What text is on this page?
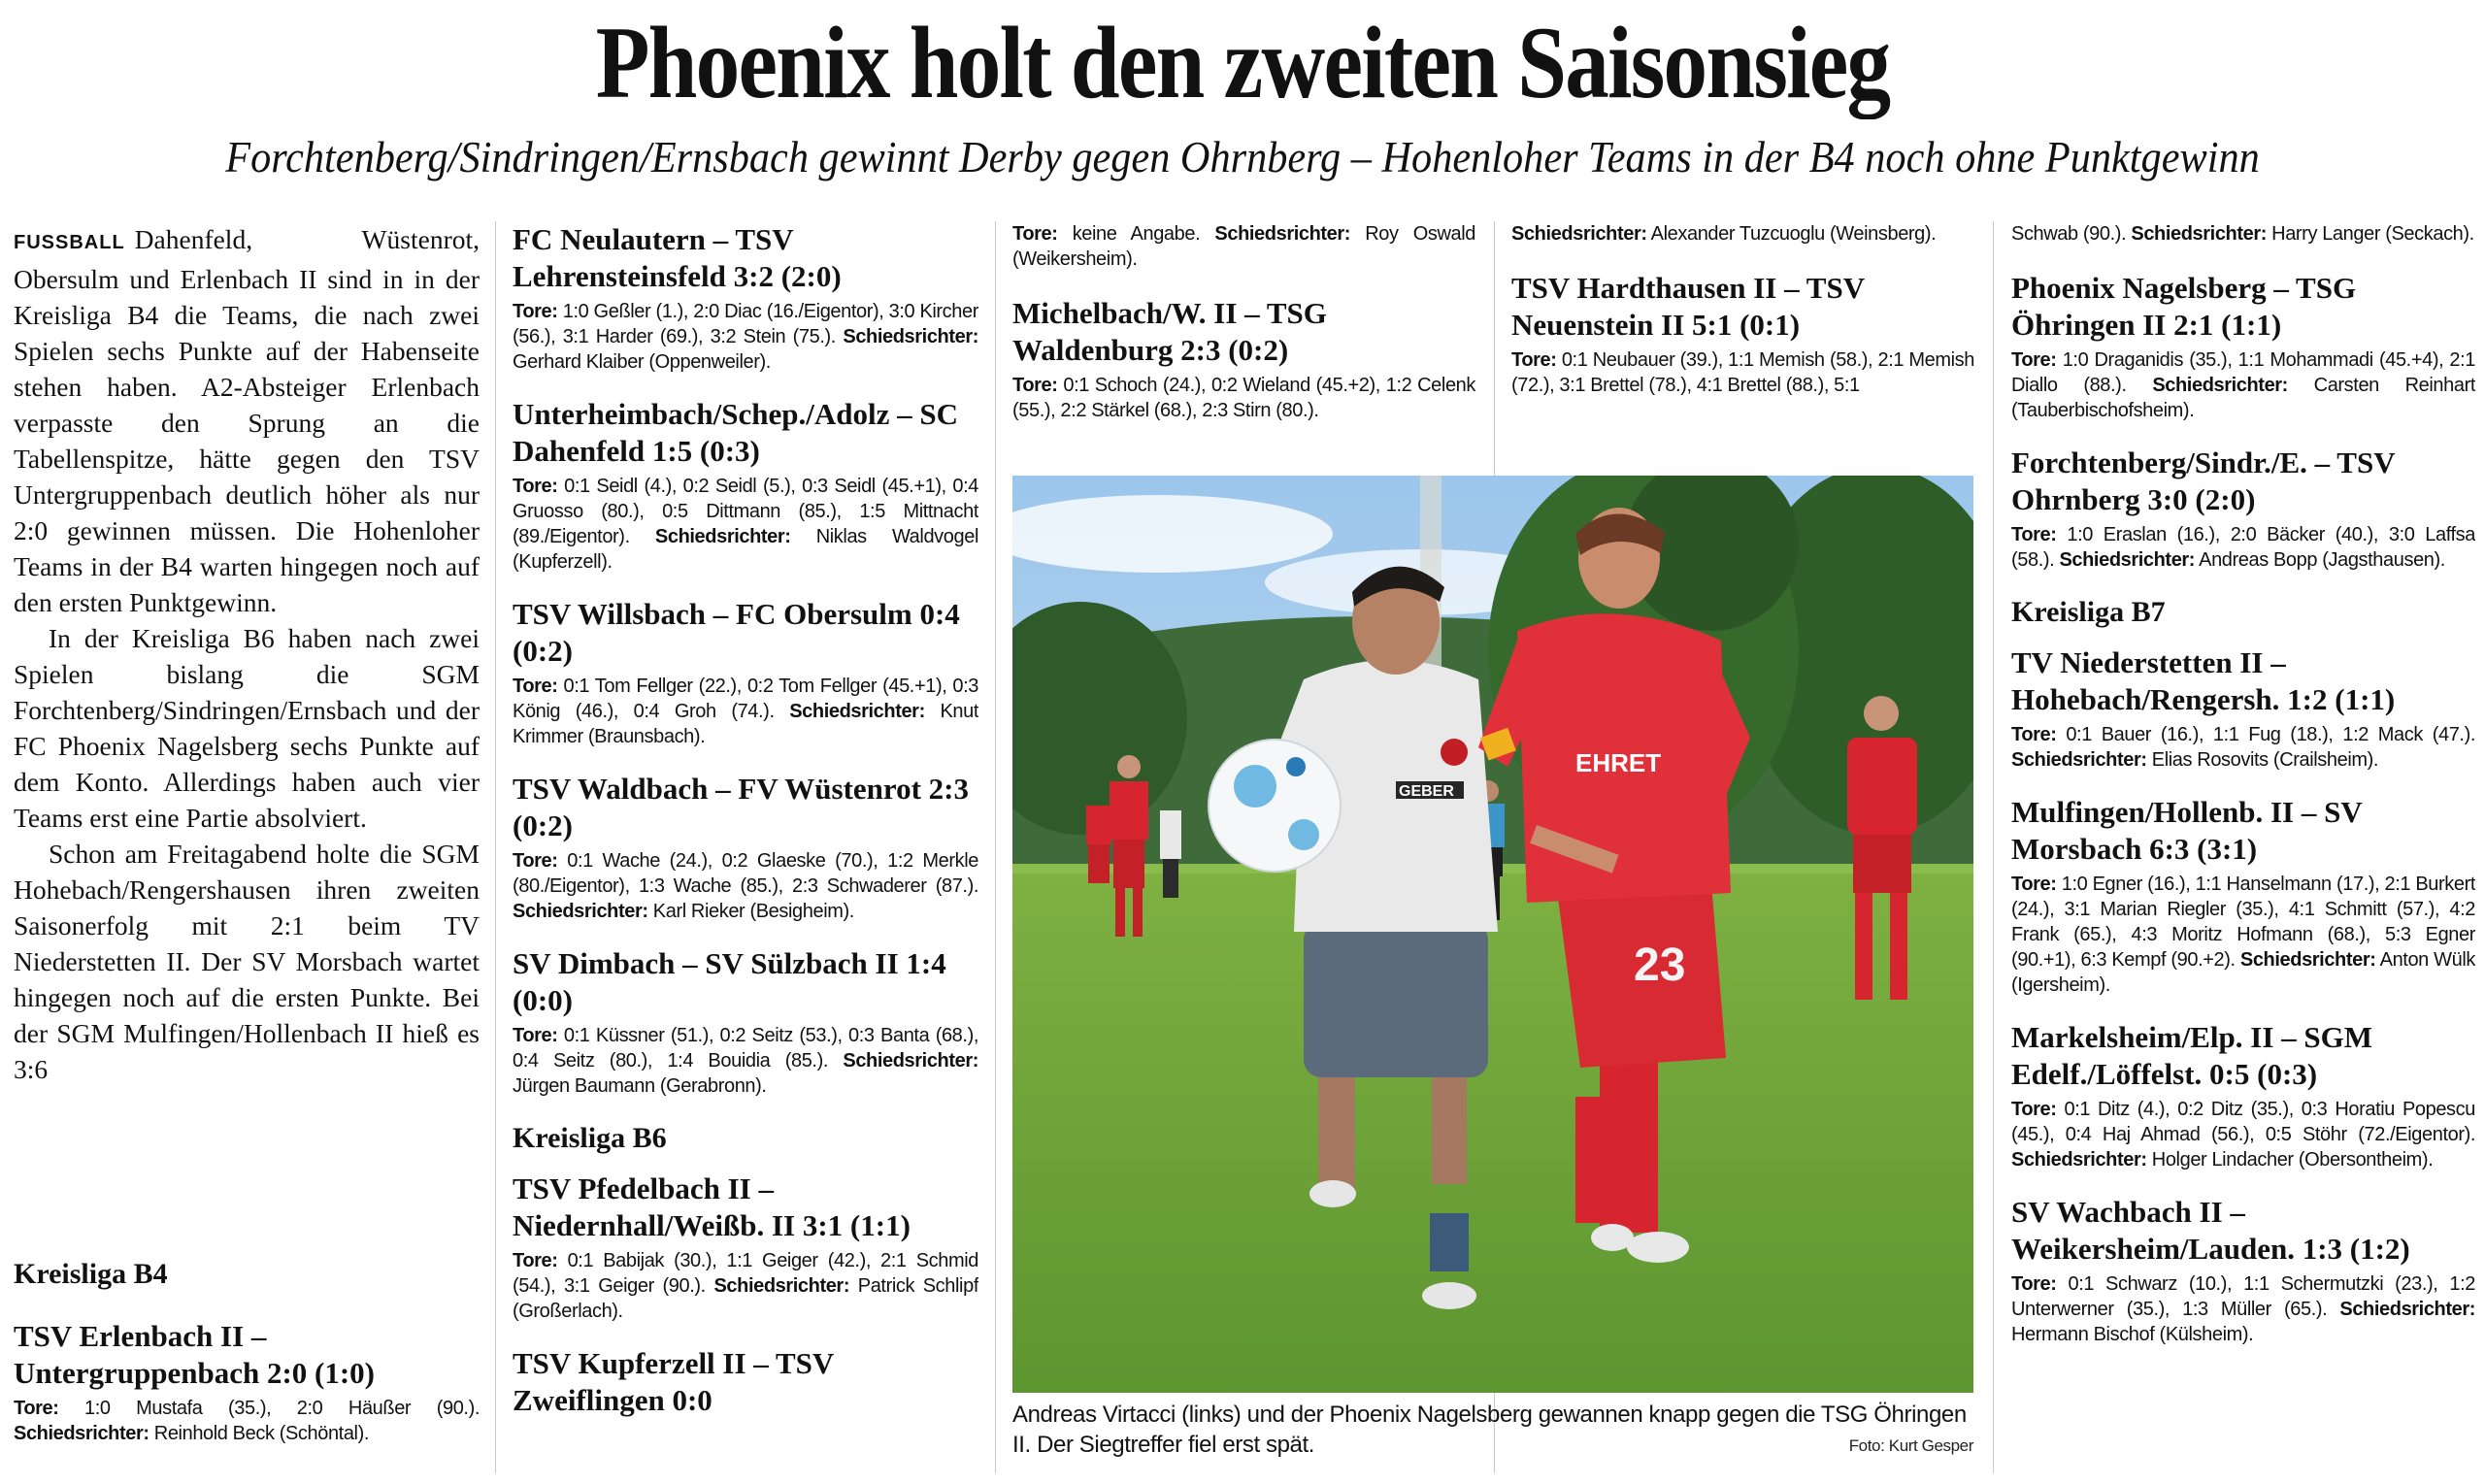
Phoenix holt den zweiten Saisonsieg
Forchtenberg/Sindringen/Ernsbach gewinnt Derby gegen Ohrnberg – Hohenloher Teams in der B4 noch ohne Punktgewinn

FUSSBALL Dahenfeld, Wüstenrot, Obersulm und Erlenbach II sind in in der Kreisliga B4 die Teams, die nach zwei Spielen sechs Punkte auf der Habenseite stehen haben. A2-Absteiger Erlenbach verpasste den Sprung an die Tabellenspitze, hätte gegen den TSV Untergruppenbach deutlich höher als nur 2:0 gewinnen müssen. Die Hohenloher Teams in der B4 warten hingegen noch auf den ersten Punktgewinn.

In der Kreisliga B6 haben nach zwei Spielen bislang die SGM Forchtenberg/Sindringen/Ernsbach und der FC Phoenix Nagelsberg sechs Punkte auf dem Konto. Allerdings haben auch vier Teams erst eine Partie absolviert.

Schon am Freitagabend holte die SGM Hohebach/Rengershausen ihren zweiten Saisonerfolg mit 2:1 beim TV Niederstetten II. Der SV Morsbach wartet hingegen noch auf die ersten Punkte. Bei der SGM Mulfingen/Hollenbach II hieß es 3:6

Kreisliga B4
TSV Erlenbach II – Untergruppenbach 2:0 (1:0)
Tore: 1:0 Mustafa (35.), 2:0 Häußer (90.). Schiedsrichter: Reinhold Beck (Schöntal).
FC Neulautern – TSV Lehrensteinsfeld 3:2 (2:0)
Tore: 1:0 Geßler (1.), 2:0 Diac (16./Eigentor), 3:0 Kircher (56.), 3:1 Harder (69.), 3:2 Stein (75.). Schiedsrichter: Gerhard Klaiber (Oppenweiler).
Unterheimbach/Schep./Adolz – SC Dahenfeld 1:5 (0:3)
Tore: 0:1 Seidl (4.), 0:2 Seidl (5.), 0:3 Seidl (45.+1), 0:4 Gruosso (80.), 0:5 Dittmann (85.), 1:5 Mittnacht (89./Eigentor). Schiedsrichter: Niklas Waldvogel (Kupferzell).
TSV Willsbach – FC Obersulm 0:4 (0:2)
Tore: 0:1 Tom Fellger (22.), 0:2 Tom Fellger (45.+1), 0:3 König (46.), 0:4 Groh (74.). Schiedsrichter: Knut Krimmer (Braunsbach).
TSV Waldbach – FV Wüstenrot 2:3 (0:2)
Tore: 0:1 Wache (24.), 0:2 Glaeske (70.), 1:2 Merkle (80./Eigentor), 1:3 Wache (85.), 2:3 Schwaderer (87.). Schiedsrichter: Karl Rieker (Besigheim).
SV Dimbach – SV Sülzbach II 1:4 (0:0)
Tore: 0:1 Küssner (51.), 0:2 Seitz (53.), 0:3 Banta (68.), 0:4 Seitz (80.), 1:4 Bouidia (85.). Schiedsrichter: Jürgen Baumann (Gerabronn).
Kreisliga B6
TSV Pfedelbach II – Niedernhall/Weißb. II 3:1 (1:1)
Tore: 0:1 Babijak (30.), 1:1 Geiger (42.), 2:1 Schmid (54.), 3:1 Geiger (90.). Schiedsrichter: Patrick Schlipf (Großerlach).
TSV Kupferzell II – TSV Zweiflingen 0:0
Tore: keine Angabe. Schiedsrichter: Roy Oswald (Weikersheim).
Michelbach/W. II – TSG Waldenburg 2:3 (0:2)
Tore: 0:1 Schoch (24.), 0:2 Wieland (45.+2), 1:2 Celenk (55.), 2:2 Stärkel (68.), 2:3 Stirn (80.).
Schiedsrichter: Alexander Tuzcuoglu (Weinsberg).
TSV Hardthausen II – TSV Neuenstein II 5:1 (0:1)
Tore: 0:1 Neubauer (39.), 1:1 Memish (58.), 2:1 Memish (72.), 3:1 Brettel (78.), 4:1 Brettel (88.), 5:1
GEBER
EHRET
23
Andreas Virtacci (links) und der Phoenix Nagelsberg gewannen knapp gegen die TSG Öhringen II. Der Siegtreffer fiel erst spät.	Foto: Kurt Gesper
Schwab (90.). Schiedsrichter: Harry Langer (Seckach).
Phoenix Nagelsberg – TSG Öhringen II 2:1 (1:1)
Tore: 1:0 Draganidis (35.), 1:1 Mohammadi (45.+4), 2:1 Diallo (88.). Schiedsrichter: Carsten Reinhart (Tauberbischofsheim).
Forchtenberg/Sindr./E. – TSV Ohrnberg 3:0 (2:0)
Tore: 1:0 Eraslan (16.), 2:0 Bäcker (40.), 3:0 Laffsa (58.). Schiedsrichter: Andreas Bopp (Jagsthausen).
Kreisliga B7
TV Niederstetten II – Hohebach/Rengersh. 1:2 (1:1)
Tore: 0:1 Bauer (16.), 1:1 Fug (18.), 1:2 Mack (47.). Schiedsrichter: Elias Rosovits (Crailsheim).
Mulfingen/Hollenb. II – SV Morsbach 6:3 (3:1)
Tore: 1:0 Egner (16.), 1:1 Hanselmann (17.), 2:1 Burkert (24.), 3:1 Marian Riegler (35.), 4:1 Schmitt (57.), 4:2 Frank (65.), 4:3 Moritz Hofmann (68.), 5:3 Egner (90.+1), 6:3 Kempf (90.+2). Schiedsrichter: Anton Wülk (Igersheim).
Markelsheim/Elp. II – SGM Edelf./Löffelst. 0:5 (0:3)
Tore: 0:1 Ditz (4.), 0:2 Ditz (35.), 0:3 Horatiu Popescu (45.), 0:4 Haj Ahmad (56.), 0:5 Stöhr (72./Eigentor). Schiedsrichter: Holger Lindacher (Obersontheim).
SV Wachbach II – Weikersheim/Lauden. 1:3 (1:2)
Tore: 0:1 Schwarz (10.), 1:1 Schermutzki (23.), 1:2 Unterwerner (35.), 1:3 Müller (65.). Schiedsrichter: Hermann Bischof (Külsheim).
